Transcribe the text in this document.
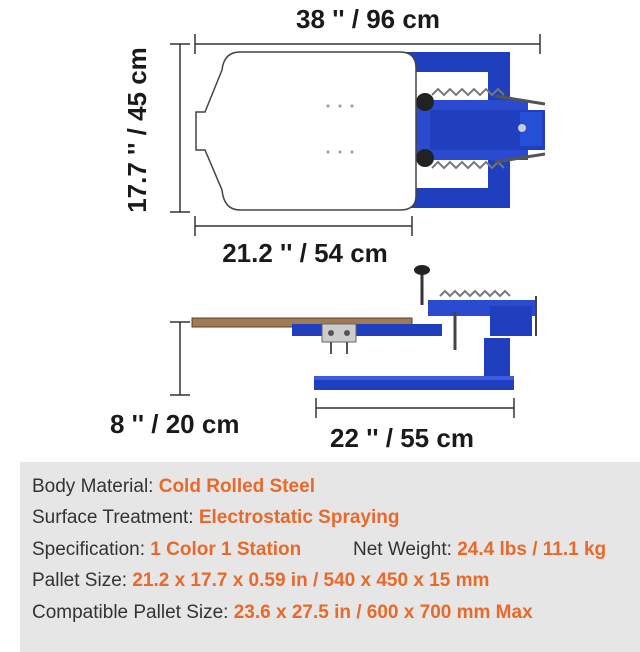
38 '' / 96 cm
17.7 '' / 45 cm
21.2 '' / 54 cm
8 '' / 20 cm	22 '' / 55 cm
Body Material: Cold Rolled Steel
Surface Treatment: Electrostatic Spraying
Specification: 1 Color 1 Station	Net Weight: 24.4 lbs / 11.1 kg
Pallet Size: 21.2 x 17.7 x 0.59 in / 540 x 450 x 15 mm
Compatible Pallet Size: 23.6 x 27.5 in / 600 x 700 mm Max
